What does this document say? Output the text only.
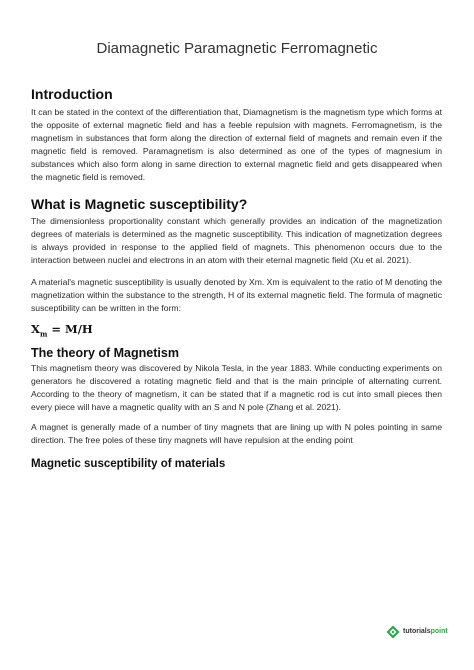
Diamagnetic Paramagnetic Ferromagnetic
Introduction

It can be stated in the context of the differentiation that, Diamagnetism is the magnetism type which forms at the opposite of external magnetic field and has a feeble repulsion with magnets. Ferromagnetism, is the magnetism in substances that form along the direction of external field of magnets and remain even if the magnetic field is removed. Paramagnetism is also determined as one of the types of magnesium in substances which also form along in same direction to external magnetic field and gets disappeared when the magnetic field is removed.

What is Magnetic susceptibility?

The dimensionless proportionality constant which generally provides an indication of the magnetization degrees of materials is determined as the magnetic susceptibility. This indication of magnetization degrees is always provided in response to the applied field of magnets. This phenomenon occurs due to the interaction between nuclei and electrons in an atom with their eternal magnetic field (Xu et al. 2021).

A material's magnetic susceptibility is usually denoted by Xm. Xm is equivalent to the ratio of M denoting the magnetization within the substance to the strength, H of its external magnetic field. The formula of magnetic susceptibility can be written in the form:

$X_m = M/H$
The theory of Magnetism

This magnetism theory was discovered by Nikola Tesla, in the year 1883. While conducting experiments on generators he discovered a rotating magnetic field and that is the main principle of alternating current. According to the theory of magnetism, it can be stated that if a magnetic rod is cut into small pieces then every piece will have a magnetic quality with an S and N pole (Zhang et al. 2021).

A magnet is generally made of a number of tiny magnets that are lining up with N poles pointing in same direction. The free poles of these tiny magnets will have repulsion at the ending point

Magnetic susceptibility of materials
tutorialspoint
